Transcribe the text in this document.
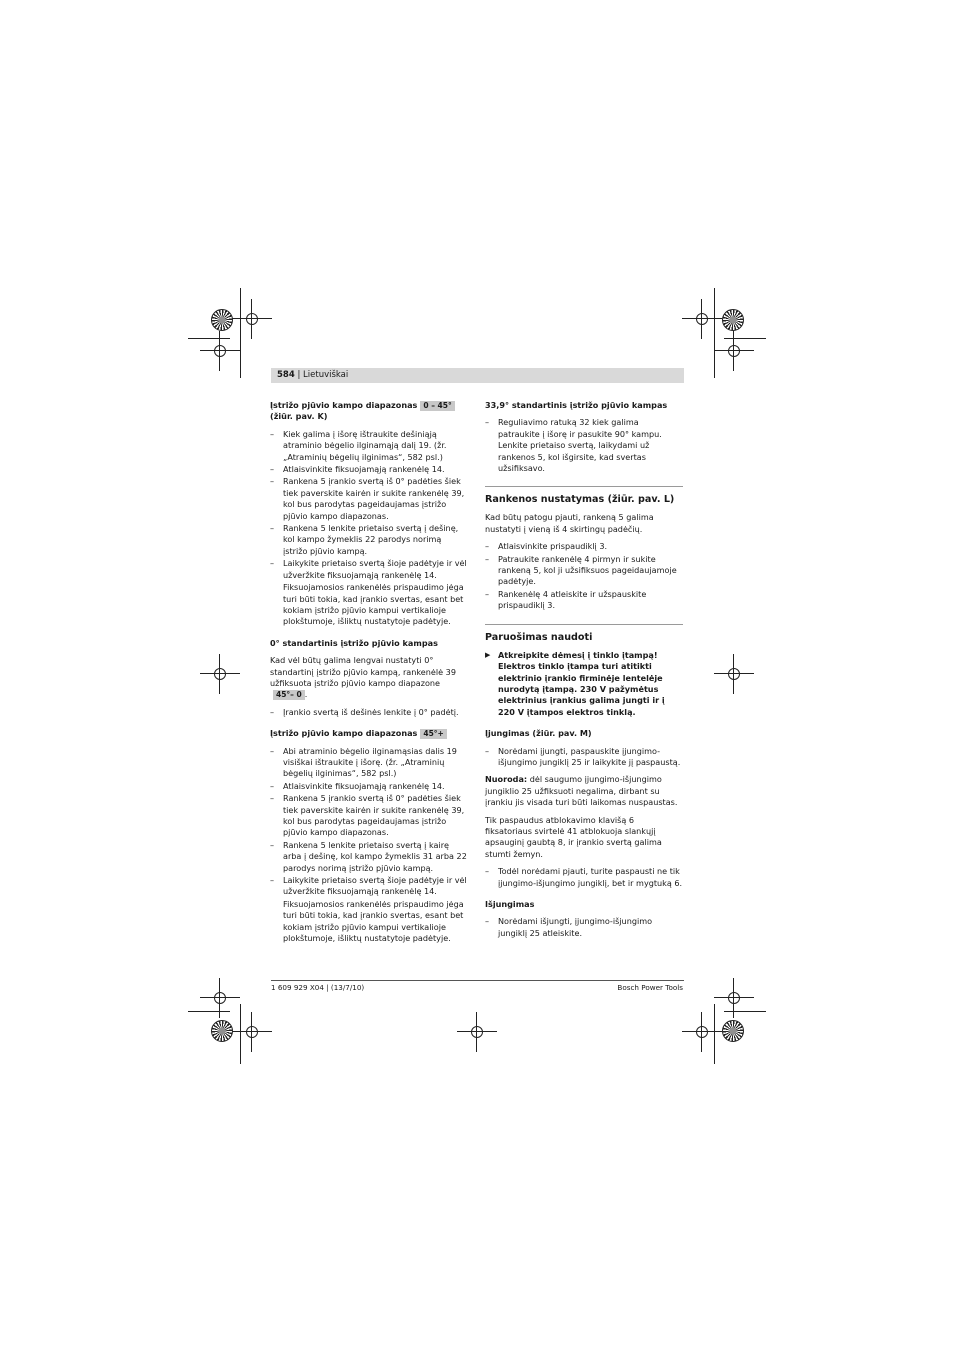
584 | Lietuviškai
Įstrižo pjūvio kampo diapazonas 0 – 45°
(žiūr. pav. K)
– Kiek galima į išorę ištraukite dešiniąją atraminio bėgelio ilginamąją dalį 19. (žr. „Atraminių bėgelių ilginimas“, 582 psl.)
– Atlaisvinkite fiksuojamąją rankenėlę 14.
– Rankena 5 įrankio svertą iš 0° padėties šiek tiek paverskite kairėn ir sukite rankenėlę 39, kol bus parodytas pageidaujamas įstrižo pjūvio kampo diapazonas.
– Rankena 5 lenkite prietaiso svertą į dešinę, kol kampo žymeklis 22 parodys norimą įstrižo pjūvio kampą.
– Laikykite prietaiso svertą šioje padėtyje ir vėl užveržkite fiksuojamąją rankenėlę 14.
Fiksuojamosios rankenėlės prispaudimo jėga turi būti tokia, kad įrankio svertas, esant bet kokiam įstrižo pjūvio kampui vertikalioje plokštumoje, išliktų nustatytoje padėtyje.
0° standartinis įstrižo pjūvio kampas

Kad vėl būtų galima lengvai nustatyti 0° standartinį įstrižo pjūvio kampą, rankenėlė 39 užfiksuota įstrižo pjūvio kampo diapazone 45°– 0 .

– Įrankio svertą iš dešinės lenkite į 0° padėtį.
Įstrižo pjūvio kampo diapazonas 45°+
– Abi atraminio bėgelio ilginamąsias dalis 19 visiškai ištraukite į išorę. (žr. „Atraminių bėgelių ilginimas“, 582 psl.)
– Atlaisvinkite fiksuojamąją rankenėlę 14.
– Rankena 5 įrankio svertą iš 0° padėties šiek tiek paverskite kairėn ir sukite rankenėlę 39, kol bus parodytas pageidaujamas įstrižo pjūvio kampo diapazonas.
– Rankena 5 lenkite prietaiso svertą į kairę arba į dešinę, kol kampo žymeklis 31 arba 22 parodys norimą įstrižo pjūvio kampą.
– Laikykite prietaiso svertą šioje padėtyje ir vėl užveržkite fiksuojamąją rankenėlę 14.
Fiksuojamosios rankenėlės prispaudimo jėga turi būti tokia, kad įrankio svertas, esant bet kokiam įstrižo pjūvio kampui vertikalioje plokštumoje, išliktų nustatytoje padėtyje.
33,9° standartinis įstrižo pjūvio kampas
– Reguliavimo ratuką 32 kiek galima patraukite į išorę ir pasukite 90° kampu. Lenkite prietaiso svertą, laikydami už rankenos 5, kol išgirsite, kad svertas užsifiksavo.
Rankenos nustatymas (žiūr. pav. L)

Kad būtų patogu pjauti, rankeną 5 galima nustatyti į vieną iš 4 skirtingų padėčių.

– Atlaisvinkite prispaudiklį 3.
– Patraukite rankenėlę 4 pirmyn ir sukite rankeną 5, kol ji užsifiksuos pageidaujamoje padėtyje.
– Rankenėlę 4 atleiskite ir užspauskite prispaudiklį 3.
Paruošimas naudoti
▶ Atkreipkite dėmesį į tinklo įtampą! Elektros tinklo įtampa turi atitikti elektrinio įrankio firminėje lentelėje nurodytą įtampą. 230 V pažymėtus elektrinius įrankius galima jungti ir į 220 V įtampos elektros tinklą.
Įjungimas (žiūr. pav. M)
– Norėdami įjungti, paspauskite įjungimo-išjungimo jungiklį 25 ir laikykite jį paspaustą.

Nuoroda: dėl saugumo įjungimo-išjungimo jungiklio 25 užfiksuoti negalima, dirbant su įrankiu jis visada turi būti laikomas nuspaustas.

Tik paspaudus atblokavimo klavišą 6 fiksatoriaus svirtelė 41 atblokuoja slankųjį apsauginį gaubtą 8, ir įrankio svertą galima stumti žemyn.

– Todėl norėdami pjauti, turite paspausti ne tik įjungimo-išjungimo jungiklį, bet ir mygtuką 6.
Išjungimas
– Norėdami išjungti, įjungimo-išjungimo jungiklį 25 atleiskite.
1 609 929 X04 | (13/7/10)	Bosch Power Tools
